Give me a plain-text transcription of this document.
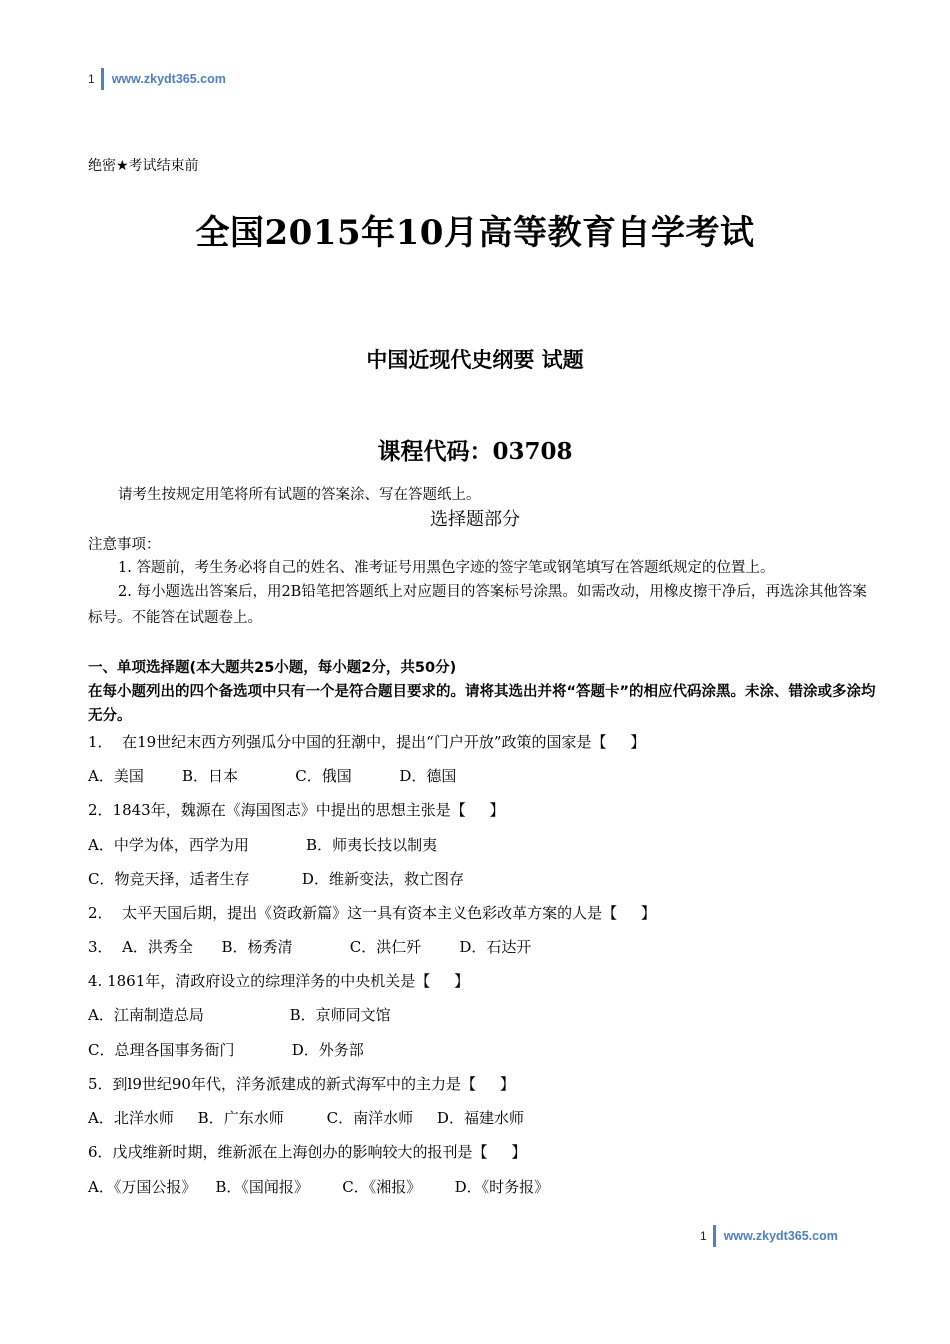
1 www.zkydt365.com
绝密★考试结束前
全国2015年10月高等教育自学考试
中国近现代史纲要 试题
课程代码：03708
请考生按规定用笔将所有试题的答案涂、写在答题纸上。
选择题部分
注意事项：
1. 答题前，考生务必将自己的姓名、准考证号用黑色字迹的签字笔或钢笔填写在答题纸规定的位置上。
2. 每小题选出答案后，用2B铅笔把答题纸上对应题目的答案标号涂黑。如需改动，用橡皮擦干净后，再选涂其他答案标号。不能答在试题卷上。
一、单项选择题(本大题共25小题，每小题2分，共50分)
在每小题列出的四个备选项中只有一个是符合题目要求的。请将其选出并将“答题卡”的相应代码涂黑。未涂、错涂或多涂均无分。
1．  在19世纪末西方列强瓜分中国的狂潮中，提出“门户开放”政策的国家是【     】
A．美国        B．日本            C．俄国          D．德国
2．1843年，魏源在《海国图志》中提出的思想主张是【     】
A．中学为体，西学为用            B．师夷长技以制夷
C．物竞天择，适者生存           D．维新变法，救亡图存
2．  太平天国后期，提出《资政新篇》这一具有资本主义色彩改革方案的人是【     】
3．  A．洪秀全      B．杨秀清            C．洪仁歼        D．石达开
4. 1861年，清政府设立的综理洋务的中央机关是【     】
A．江南制造总局                  B．京师同文馆
C．总理各国事务衙门            D．外务部
5．到l9世纪90年代，洋务派建成的新式海军中的主力是【     】
A．北洋水师     B．广东水师         C．南洋水师     D．福建水师
6．戊戌维新时期，维新派在上海创办的影响较大的报刊是【     】
A．《万国公报》    B．《国闻报》       C．《湘报》       D．《时务报》
1 www.zkydt365.com
